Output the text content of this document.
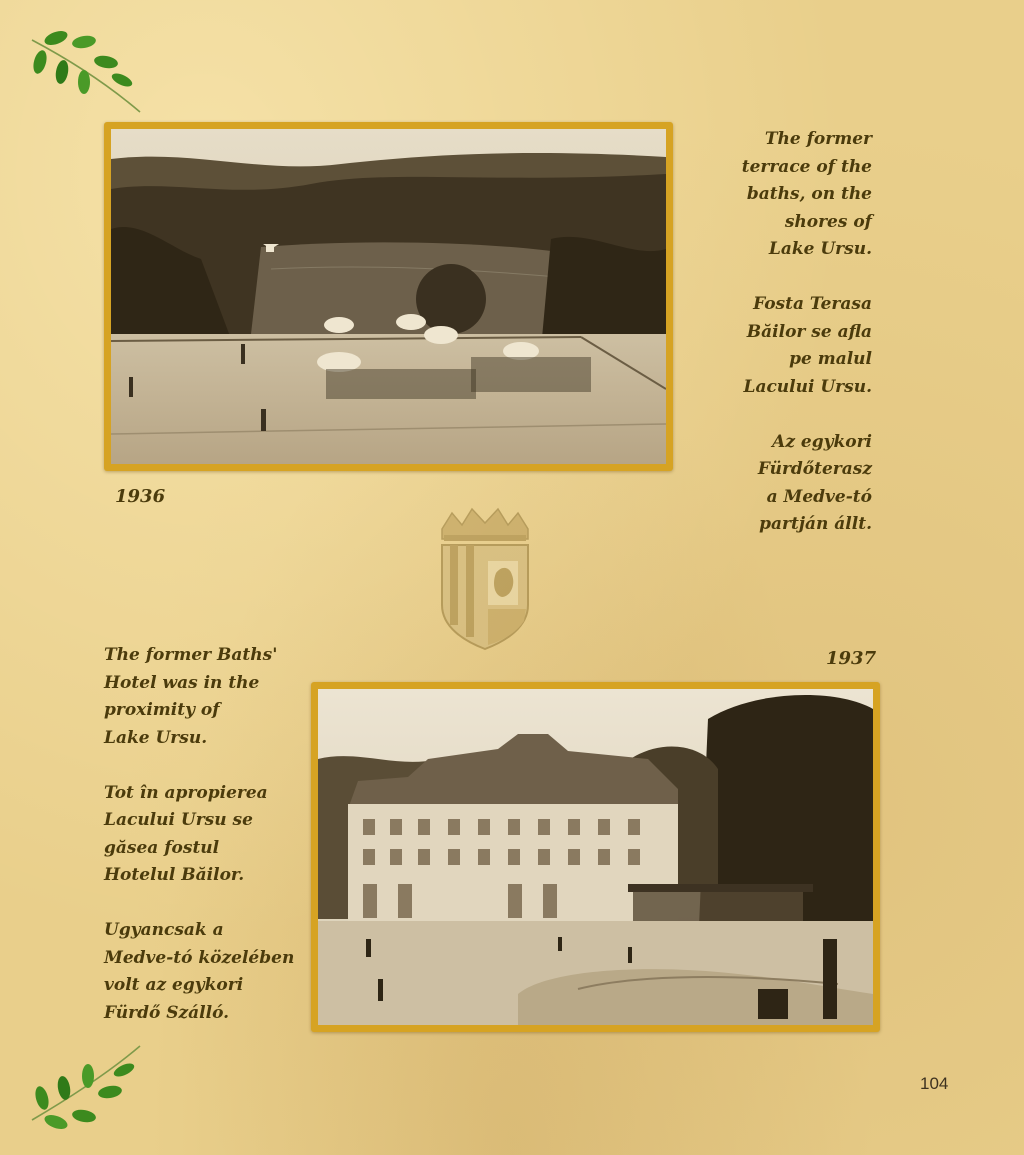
The former
terrace of the
baths, on the
shores of
Lake Ursu.

Fosta Terasa
Băilor se afla
pe malul
Lacului Ursu.

Az egykori
Fürdőterasz
a Medve-tó
partján állt.

1936

The former Baths'
Hotel was in the
proximity of
Lake Ursu.

Tot în apropierea
Lacului Ursu se
găsea fostul
Hotelul Băilor.

Ugyancsak a
Medve-tó közelében
volt az egykori
Fürdő Szálló.

1937
104
